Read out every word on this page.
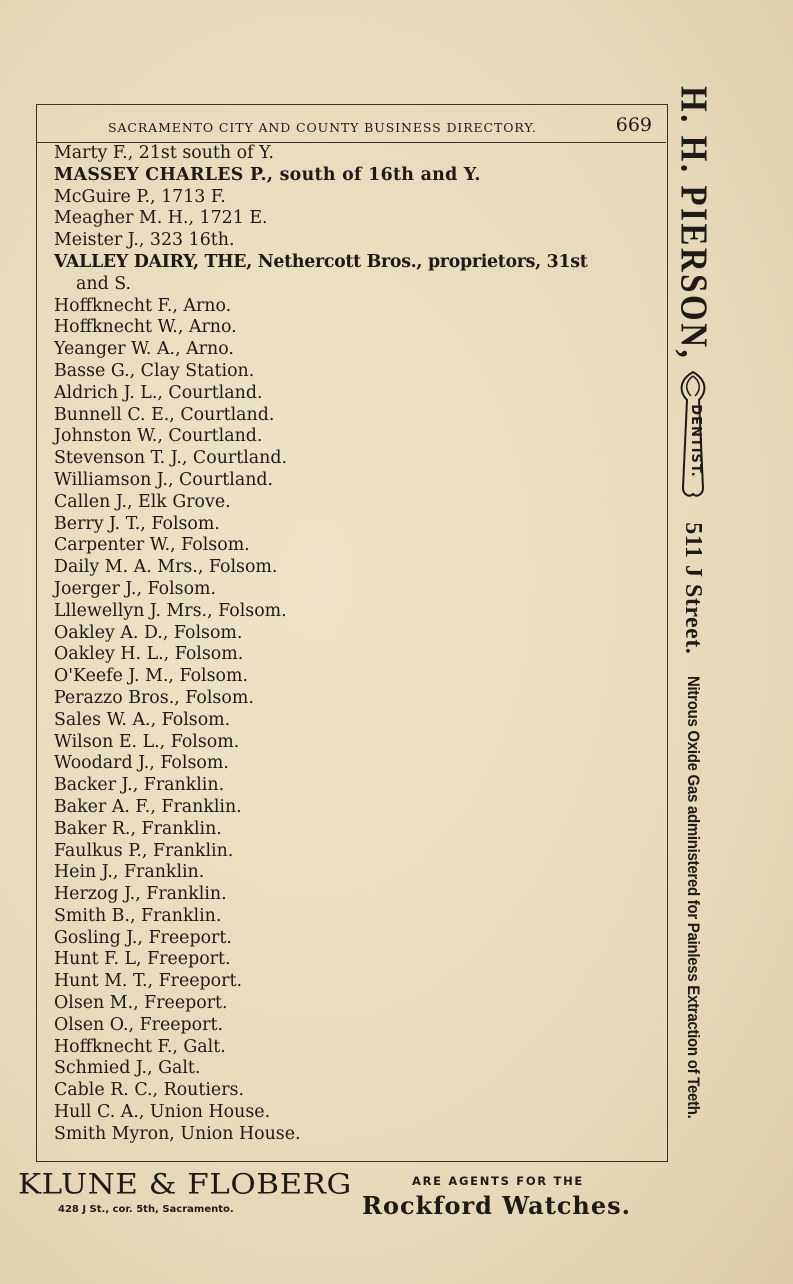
SACRAMENTO CITY AND COUNTY BUSINESS DIRECTORY.	669
Marty F., 21st south of Y.
MASSEY CHARLES P., south of 16th and Y.
McGuire P., 1713 F.
Meagher M. H., 1721 E.
Meister J., 323 16th.
VALLEY DAIRY, THE, Nethercott Bros., proprietors, 31st
and S.
Hoffknecht F., Arno.
Hoffknecht W., Arno.
Yeanger W. A., Arno.
Basse G., Clay Station.
Aldrich J. L., Courtland.
Bunnell C. E., Courtland.
Johnston W., Courtland.
Stevenson T. J., Courtland.
Williamson J., Courtland.
Callen J., Elk Grove.
Berry J. T., Folsom.
Carpenter W., Folsom.
Daily M. A. Mrs., Folsom.
Joerger J., Folsom.
Lllewellyn J. Mrs., Folsom.
Oakley A. D., Folsom.
Oakley H. L., Folsom.
O'Keefe J. M., Folsom.
Perazzo Bros., Folsom.
Sales W. A., Folsom.
Wilson E. L., Folsom.
Woodard J., Folsom.
Backer J., Franklin.
Baker A. F., Franklin.
Baker R., Franklin.
Faulkus P., Franklin.
Hein J., Franklin.
Herzog J., Franklin.
Smith B., Franklin.
Gosling J., Freeport.
Hunt F. L, Freeport.
Hunt M. T., Freeport.
Olsen M., Freeport.
Olsen O., Freeport.
Hoffknecht F., Galt.
Schmied J., Galt.
Cable R. C., Routiers.
Hull C. A., Union House.
Smith Myron, Union House.
H. H. PIERSON,
DENTIST.
511 J Street.
Nitrous Oxide Gas administered for Painless Extraction of Teeth.
KLUNE & FLOBERG
428 J St., cor. 5th, Sacramento.
ARE AGENTS FOR THE
Rockford Watches.
